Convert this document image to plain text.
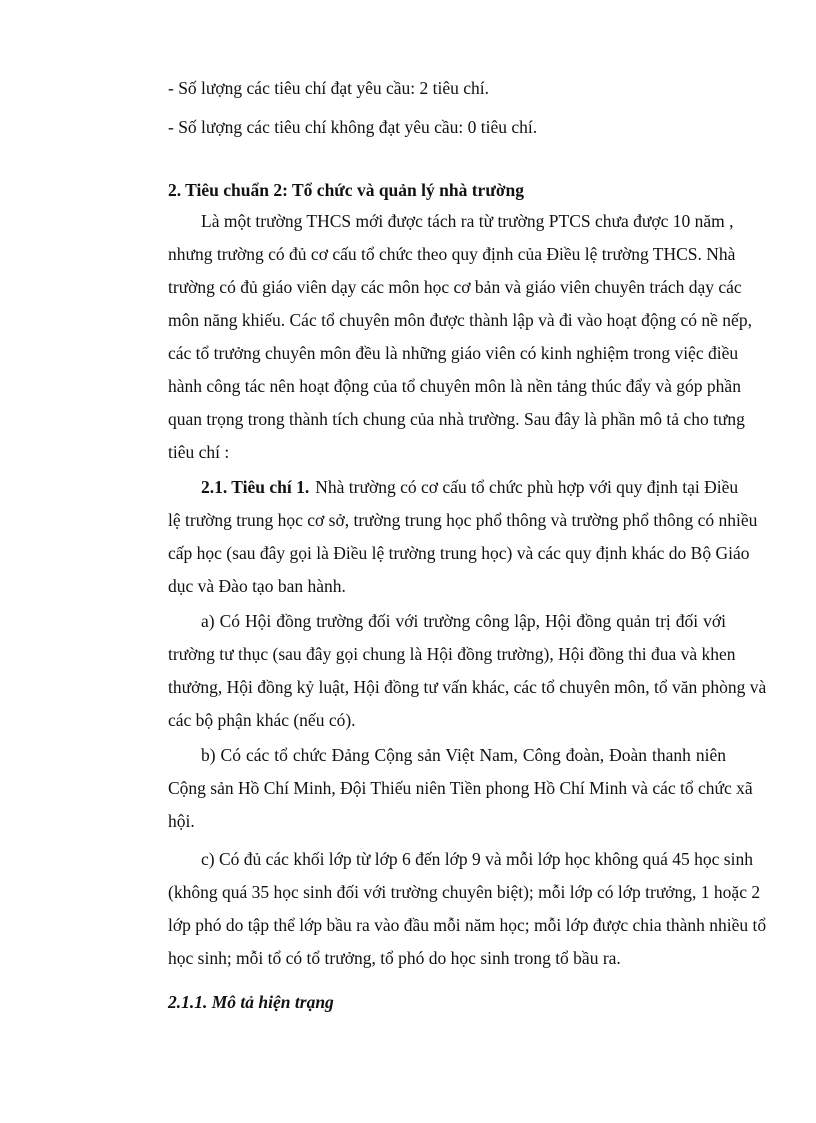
- Số lượng các tiêu chí đạt yêu cầu: 2 tiêu chí.
- Số lượng các tiêu chí không đạt yêu cầu: 0 tiêu chí.
2. Tiêu chuẩn 2: Tổ chức và quản lý nhà trường
Là một trường THCS mới được tách ra từ trường PTCS chưa được 10 năm ,
nhưng trường có đủ cơ cấu tổ chức theo quy định của Điều lệ trường THCS. Nhà
trường có đủ giáo viên dạy các môn học cơ bản và giáo viên chuyên trách dạy các
môn năng khiếu. Các tổ chuyên môn được thành lập và đi vào hoạt động có nề nếp,
các tổ trưởng chuyên môn đều là những giáo viên có kinh nghiệm trong việc điều
hành công tác nên hoạt động của tổ chuyên môn là nền tảng thúc đẩy và góp phần
quan trọng trong thành tích chung của nhà trường. Sau đây là phần mô tả cho tưng
tiêu chí :
2.1. Tiêu chí 1. Nhà trường có cơ cấu tổ chức phù hợp với quy định tại Điều
lệ trường trung học cơ sở, trường trung học phổ thông và trường phổ thông có nhiều
cấp học (sau đây gọi là Điều lệ trường trung học) và các quy định khác do Bộ Giáo
dục và Đào tạo ban hành.
a) Có Hội đồng trường đối với trường công lập, Hội đồng quản trị đối với
trường tư thục (sau đây gọi chung là Hội đồng trường), Hội đồng thi đua và khen
thưởng, Hội đồng kỷ luật, Hội đồng tư vấn khác, các tổ chuyên môn, tổ văn phòng và
các bộ phận khác (nếu có).
b) Có các tổ chức Đảng Cộng sản Việt Nam, Công đoàn, Đoàn thanh niên
Cộng sản Hồ Chí Minh, Đội Thiếu niên Tiền phong Hồ Chí Minh và các tổ chức xã
hội.
c) Có đủ các khối lớp từ lớp 6 đến lớp 9 và mỗi lớp học không quá 45 học sinh
(không quá 35 học sinh đối với trường chuyên biệt); mỗi lớp có lớp trưởng, 1 hoặc 2
lớp phó do tập thể lớp bầu ra vào đầu mỗi năm học; mỗi lớp được chia thành nhiều tổ
học sinh; mỗi tổ có tổ trưởng, tổ phó do học sinh trong tổ bầu ra.
2.1.1. Mô tả hiện trạng
